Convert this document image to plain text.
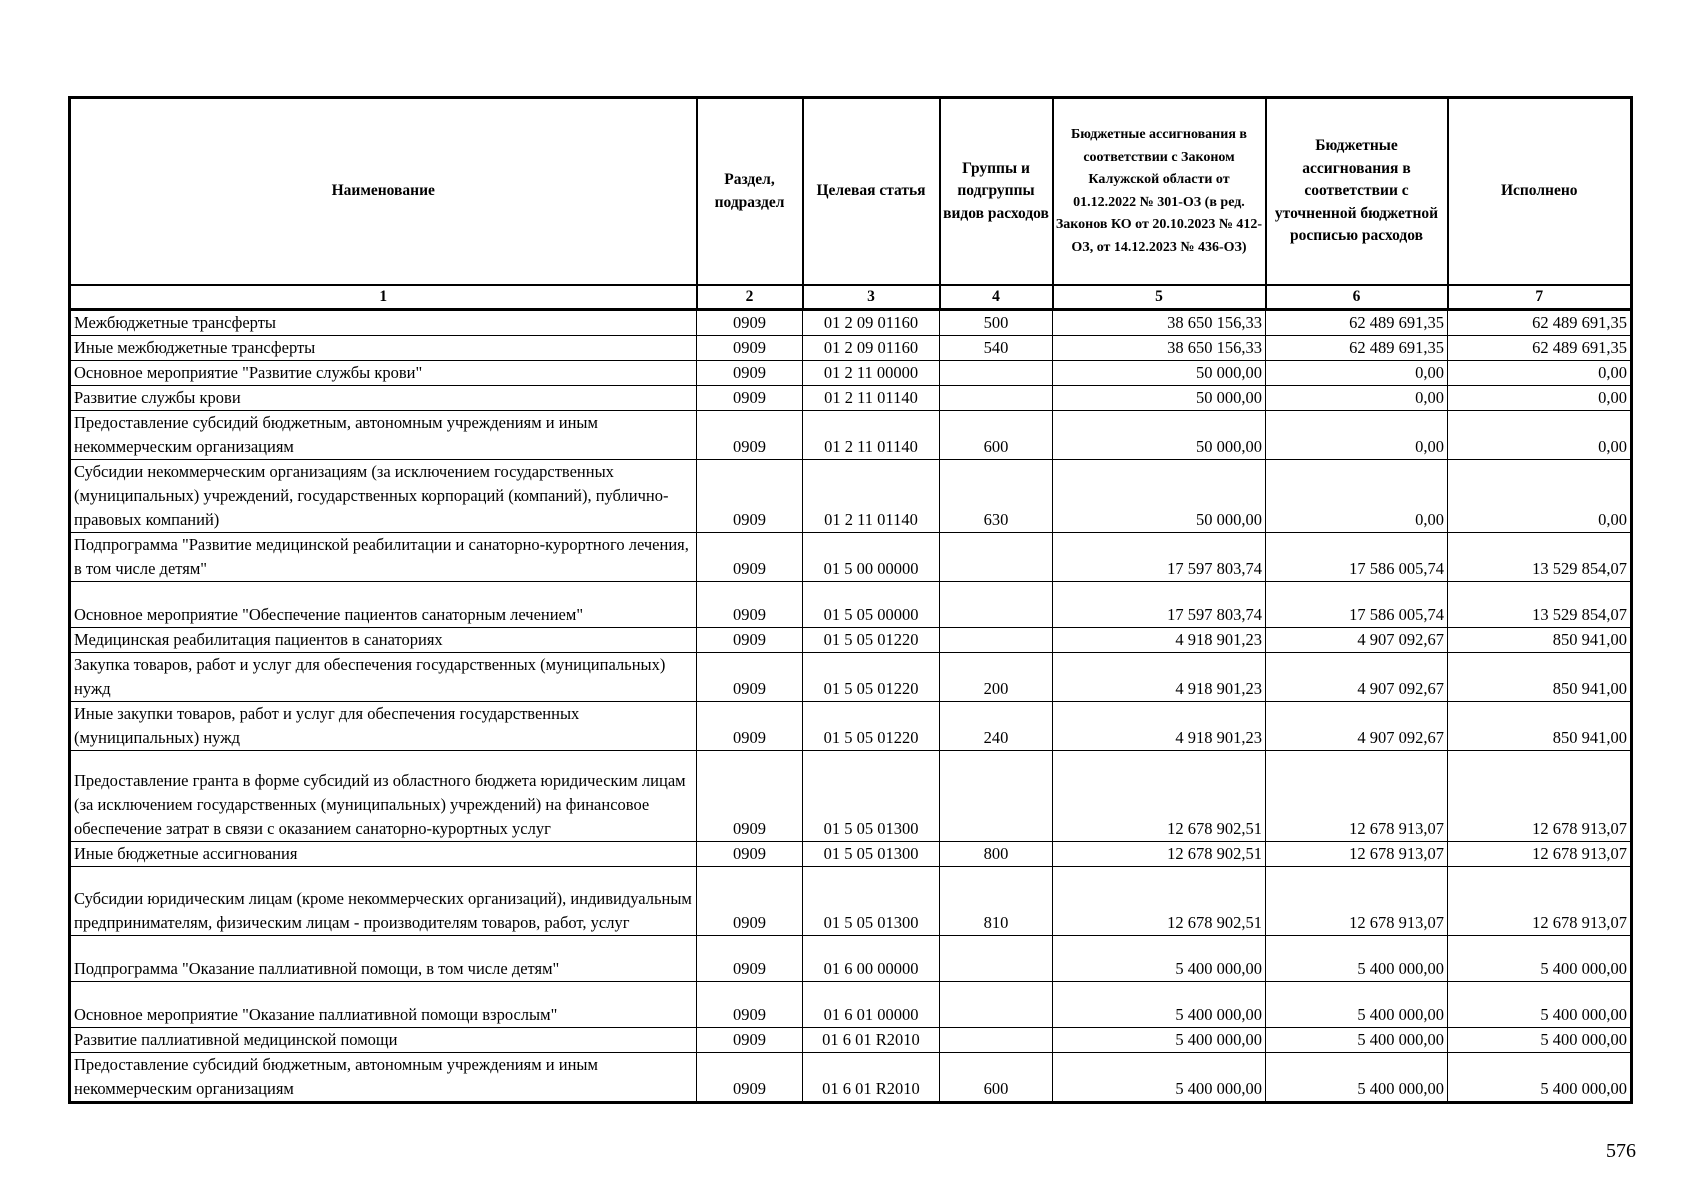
Наименование	Раздел, подраздел	Целевая статья	Группы и подгруппы видов расходов	Бюджетные ассигнования в соответствии с Законом Калужской области от 01.12.2022 № 301-ОЗ (в ред. Законов КО от 20.10.2023 № 412-ОЗ, от 14.12.2023 № 436-ОЗ)	Бюджетные ассигнования в соответствии с уточненной бюджетной росписью расходов	Исполнено
1	2	3	4	5	6	7
Межбюджетные трансферты	0909	01 2 09 01160	500	38 650 156,33	62 489 691,35	62 489 691,35
Иные межбюджетные трансферты	0909	01 2 09 01160	540	38 650 156,33	62 489 691,35	62 489 691,35
Основное мероприятие "Развитие службы крови"	0909	01 2 11 00000		50 000,00	0,00	0,00
Развитие службы крови	0909	01 2 11 01140		50 000,00	0,00	0,00
Предоставление субсидий бюджетным, автономным учреждениям и иным некоммерческим организациям	0909	01 2 11 01140	600	50 000,00	0,00	0,00
Субсидии некоммерческим организациям (за исключением государственных (муниципальных) учреждений, государственных корпораций (компаний), публично-правовых компаний)	0909	01 2 11 01140	630	50 000,00	0,00	0,00
Подпрограмма "Развитие медицинской реабилитации и санаторно-курортного лечения, в том числе детям"	0909	01 5 00 00000		17 597 803,74	17 586 005,74	13 529 854,07
Основное мероприятие "Обеспечение пациентов санаторным лечением"	0909	01 5 05 00000		17 597 803,74	17 586 005,74	13 529 854,07
Медицинская реабилитация пациентов в санаториях	0909	01 5 05 01220		4 918 901,23	4 907 092,67	850 941,00
Закупка товаров, работ и услуг для обеспечения государственных (муниципальных) нужд	0909	01 5 05 01220	200	4 918 901,23	4 907 092,67	850 941,00
Иные закупки товаров, работ и услуг для обеспечения государственных (муниципальных) нужд	0909	01 5 05 01220	240	4 918 901,23	4 907 092,67	850 941,00
Предоставление гранта в форме субсидий из областного бюджета юридическим лицам (за исключением государственных (муниципальных) учреждений) на финансовое обеспечение затрат в связи с оказанием санаторно-курортных услуг	0909	01 5 05 01300		12 678 902,51	12 678 913,07	12 678 913,07
Иные бюджетные ассигнования	0909	01 5 05 01300	800	12 678 902,51	12 678 913,07	12 678 913,07
Субсидии юридическим лицам (кроме некоммерческих организаций), индивидуальным предпринимателям, физическим лицам - производителям товаров, работ, услуг	0909	01 5 05 01300	810	12 678 902,51	12 678 913,07	12 678 913,07
Подпрограмма "Оказание паллиативной помощи, в том числе детям"	0909	01 6 00 00000		5 400 000,00	5 400 000,00	5 400 000,00
Основное мероприятие "Оказание паллиативной помощи взрослым"	0909	01 6 01 00000		5 400 000,00	5 400 000,00	5 400 000,00
Развитие паллиативной медицинской помощи	0909	01 6 01 R2010		5 400 000,00	5 400 000,00	5 400 000,00
Предоставление субсидий бюджетным, автономным учреждениям и иным некоммерческим организациям	0909	01 6 01 R2010	600	5 400 000,00	5 400 000,00	5 400 000,00
576
